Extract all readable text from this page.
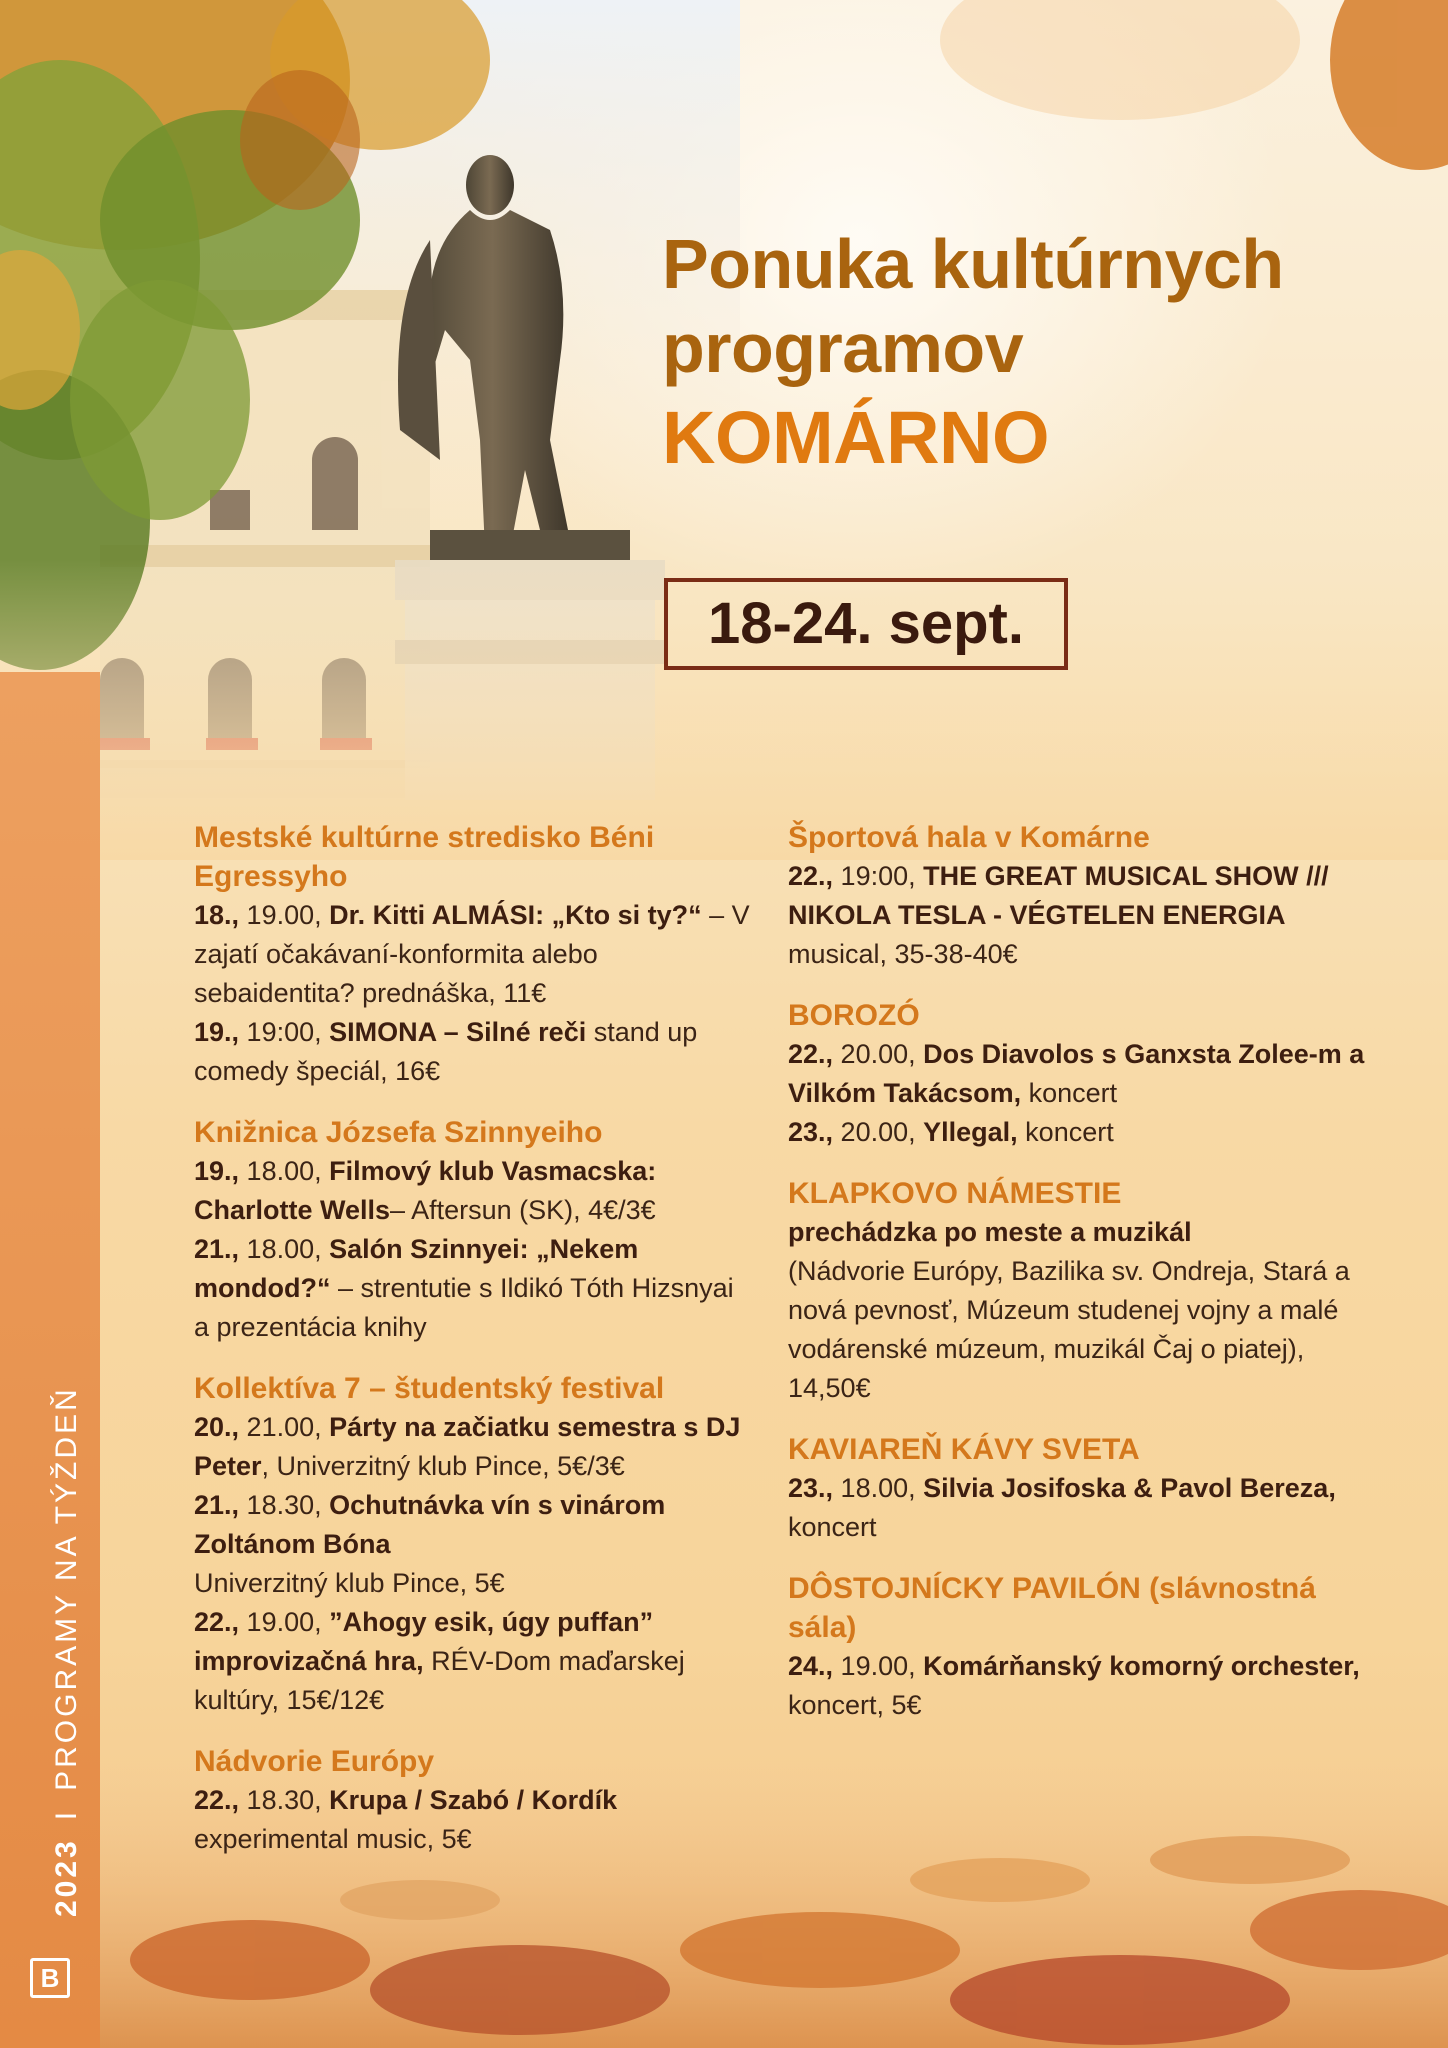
2023IPROGRAMY NA TÝŽDEŇ
B
Ponuka kultúrnych
programov
KOMÁRNO
18-24. sept.
Mestské kultúrne stredisko Béni Egressyho

18., 19.00, Dr. Kitti ALMÁSI: „Kto si ty?“ – V zajatí očakávaní-konformita alebo sebaidentita? prednáška, 11€

19., 19:00, SIMONA – Silné reči stand up comedy špeciál, 16€

Knižnica Józsefa Szinnyeiho

19., 18.00, Filmový klub Vasmacska: Charlotte Wells– Aftersun (SK), 4€/3€

21., 18.00, Salón Szinnyei: „Nekem mondod?“ – strentutie s Ildikó Tóth Hizsnyai a prezentácia knihy

Kollektíva 7 – študentský festival

20., 21.00, Párty na začiatku semestra s DJ Peter, Univerzitný klub Pince, 5€/3€

21., 18.30, Ochutnávka vín s vinárom Zoltánom Bóna

Univerzitný klub Pince, 5€

22., 19.00, ”Ahogy esik, úgy puffan” improvizačná hra, RÉV-Dom maďarskej kultúry, 15€/12€

Nádvorie Európy

22., 18.30, Krupa / Szabó / Kordík

experimental music, 5€

Športová hala v Komárne

22., 19:00, THE GREAT MUSICAL SHOW /// NIKOLA TESLA - VÉGTELEN ENERGIA

musical, 35-38-40€

BOROZÓ

22., 20.00, Dos Diavolos s Ganxsta Zolee-m a Vilkóm Takácsom, koncert

23., 20.00, Yllegal, koncert

KLAPKOVO NÁMESTIE

prechádzka po meste a muzikál

(Nádvorie Európy, Bazilika sv. Ondreja, Stará a nová pevnosť, Múzeum studenej vojny a malé vodárenské múzeum, muzikál Čaj o piatej), 14,50€

KAVIAREŇ KÁVY SVETA

23., 18.00, Silvia Josifoska & Pavol Bereza, koncert

DÔSTOJNÍCKY PAVILÓN (slávnostná sála)

24., 19.00, Komárňanský komorný orchester, koncert, 5€
